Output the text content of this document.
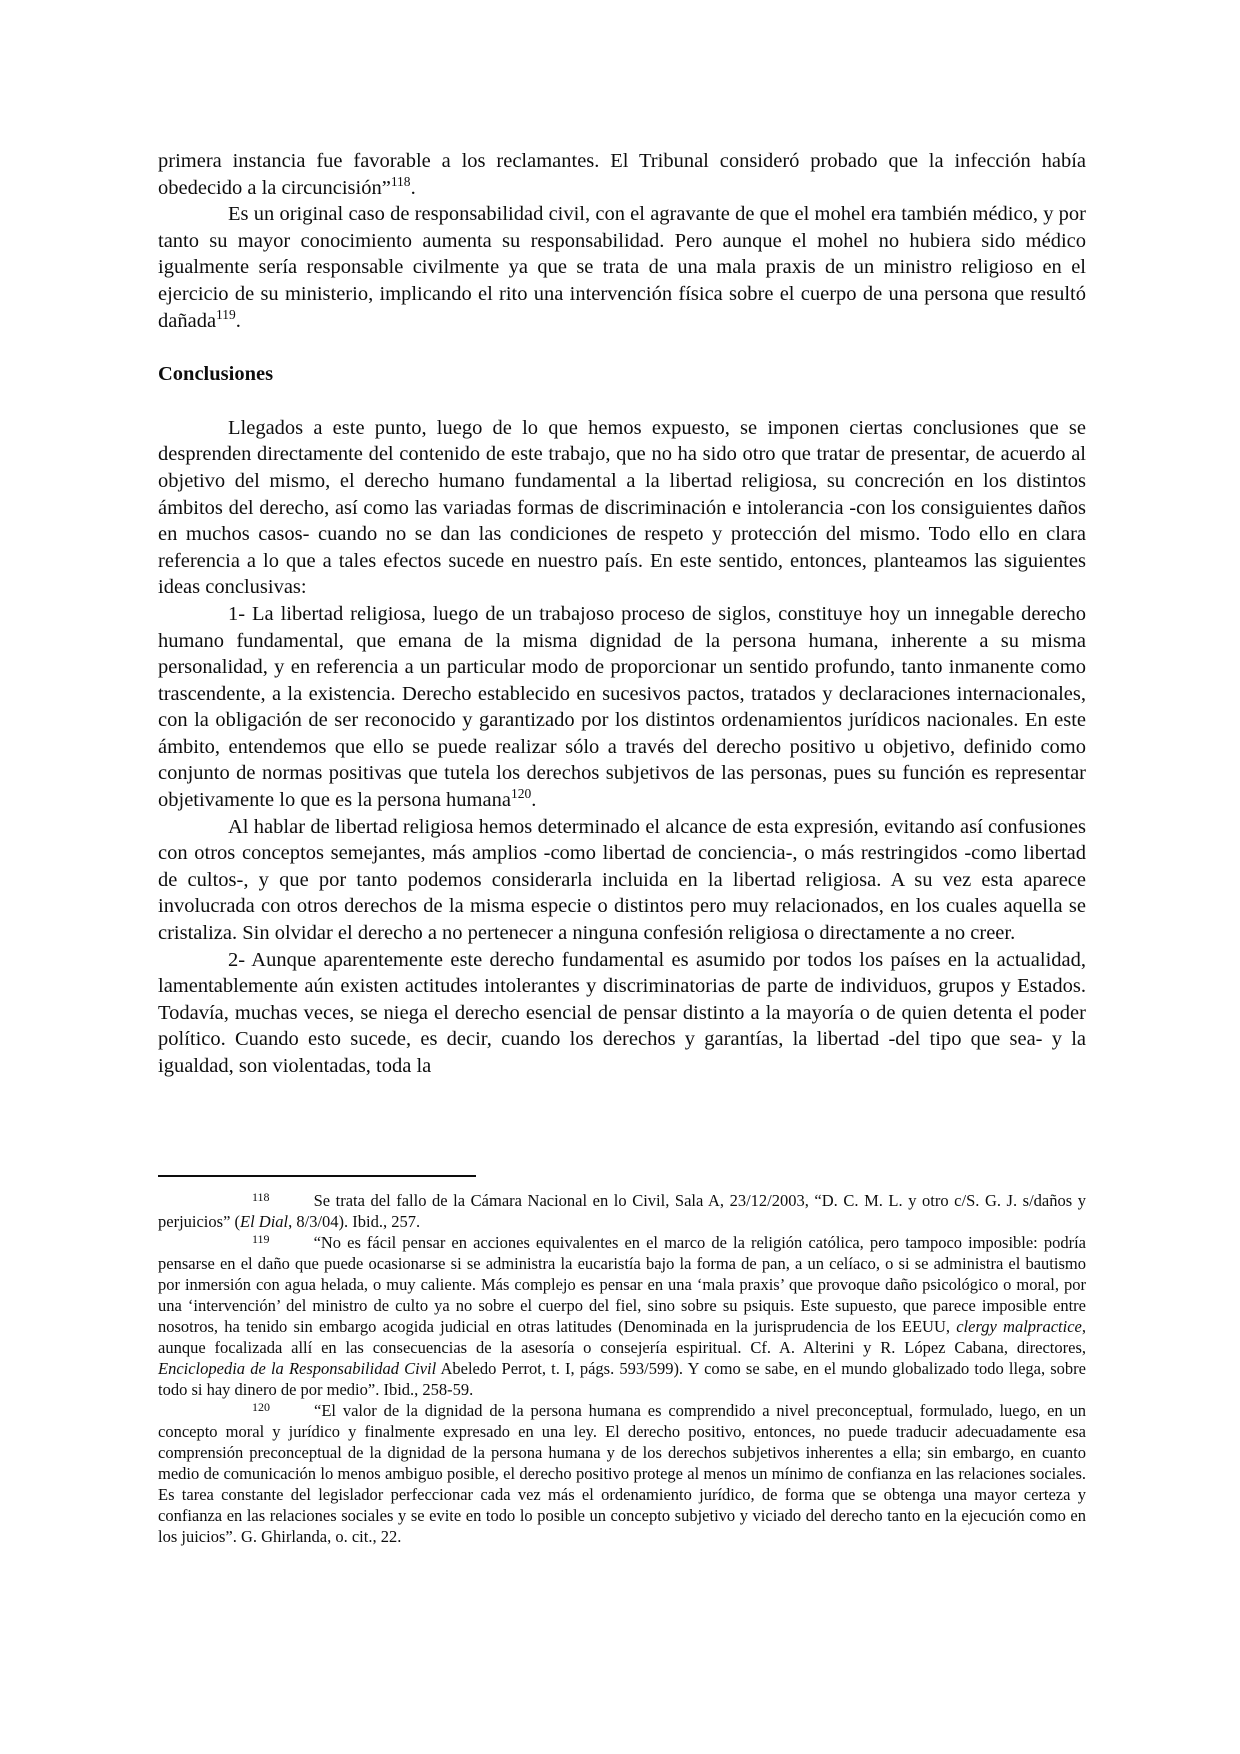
primera instancia fue favorable a los reclamantes. El Tribunal consideró probado que la infección había obedecido a la circuncisión”$^{118}$.

Es un original caso de responsabilidad civil, con el agravante de que el mohel era también médico, y por tanto su mayor conocimiento aumenta su responsabilidad. Pero aunque el mohel no hubiera sido médico igualmente sería responsable civilmente ya que se trata de una mala praxis de un ministro religioso en el ejercicio de su ministerio, implicando el rito una intervención física sobre el cuerpo de una persona que resultó dañada$^{119}$.

Conclusiones

Llegados a este punto, luego de lo que hemos expuesto, se imponen ciertas conclusiones que se desprenden directamente del contenido de este trabajo, que no ha sido otro que tratar de presentar, de acuerdo al objetivo del mismo, el derecho humano fundamental a la libertad religiosa, su concreción en los distintos ámbitos del derecho, así como las variadas formas de discriminación e intolerancia -con los consiguientes daños en muchos casos- cuando no se dan las condiciones de respeto y protección del mismo. Todo ello en clara referencia a lo que a tales efectos sucede en nuestro país. En este sentido, entonces, planteamos las siguientes ideas conclusivas:

1- La libertad religiosa, luego de un trabajoso proceso de siglos, constituye hoy un innegable derecho humano fundamental, que emana de la misma dignidad de la persona humana, inherente a su misma personalidad, y en referencia a un particular modo de proporcionar un sentido profundo, tanto inmanente como trascendente, a la existencia. Derecho establecido en sucesivos pactos, tratados y declaraciones internacionales, con la obligación de ser reconocido y garantizado por los distintos ordenamientos jurídicos nacionales. En este ámbito, entendemos que ello se puede realizar sólo a través del derecho positivo u objetivo, definido como conjunto de normas positivas que tutela los derechos subjetivos de las personas, pues su función es representar objetivamente lo que es la persona humana$^{120}$.

Al hablar de libertad religiosa hemos determinado el alcance de esta expresión, evitando así confusiones con otros conceptos semejantes, más amplios -como libertad de conciencia-, o más restringidos -como libertad de cultos-, y que por tanto podemos considerarla incluida en la libertad religiosa. A su vez esta aparece involucrada con otros derechos de la misma especie o distintos pero muy relacionados, en los cuales aquella se cristaliza. Sin olvidar el derecho a no pertenecer a ninguna confesión religiosa o directamente a no creer.

2- Aunque aparentemente este derecho fundamental es asumido por todos los países en la actualidad, lamentablemente aún existen actitudes intolerantes y discriminatorias de parte de individuos, grupos y Estados. Todavía, muchas veces, se niega el derecho esencial de pensar distinto a la mayoría o de quien detenta el poder político. Cuando esto sucede, es decir, cuando los derechos y garantías, la libertad -del tipo que sea- y la igualdad, son violentadas, toda la

$^{118}$	Se trata del fallo de la Cámara Nacional en lo Civil, Sala A, 23/12/2003, “D. C. M. L. y otro c/S. G. J. s/daños y perjuicios” (El Dial, 8/3/04). Ibid., 257.

$^{119}$	“No es fácil pensar en acciones equivalentes en el marco de la religión católica, pero tampoco imposible: podría pensarse en el daño que puede ocasionarse si se administra la eucaristía bajo la forma de pan, a un celíaco, o si se administra el bautismo por inmersión con agua helada, o muy caliente. Más complejo es pensar en una ‘mala praxis’ que provoque daño psicológico o moral, por una ‘intervención’ del ministro de culto ya no sobre el cuerpo del fiel, sino sobre su psiquis. Este supuesto, que parece imposible entre nosotros, ha tenido sin embargo acogida judicial en otras latitudes (Denominada en la jurisprudencia de los EEUU, clergy malpractice, aunque focalizada allí en las consecuencias de la asesoría o consejería espiritual. Cf. A. Alterini y R. López Cabana, directores, Enciclopedia de la Responsabilidad Civil Abeledo Perrot, t. I, págs. 593/599). Y como se sabe, en el mundo globalizado todo llega, sobre todo si hay dinero de por medio”. Ibid., 258-59.

$^{120}$	“El valor de la dignidad de la persona humana es comprendido a nivel preconceptual, formulado, luego, en un concepto moral y jurídico y finalmente expresado en una ley. El derecho positivo, entonces, no puede traducir adecuadamente esa comprensión preconceptual de la dignidad de la persona humana y de los derechos subjetivos inherentes a ella; sin embargo, en cuanto medio de comunicación lo menos ambiguo posible, el derecho positivo protege al menos un mínimo de confianza en las relaciones sociales. Es tarea constante del legislador perfeccionar cada vez más el ordenamiento jurídico, de forma que se obtenga una mayor certeza y confianza en las relaciones sociales y se evite en todo lo posible un concepto subjetivo y viciado del derecho tanto en la ejecución como en los juicios”. G. Ghirlanda, o. cit., 22.
